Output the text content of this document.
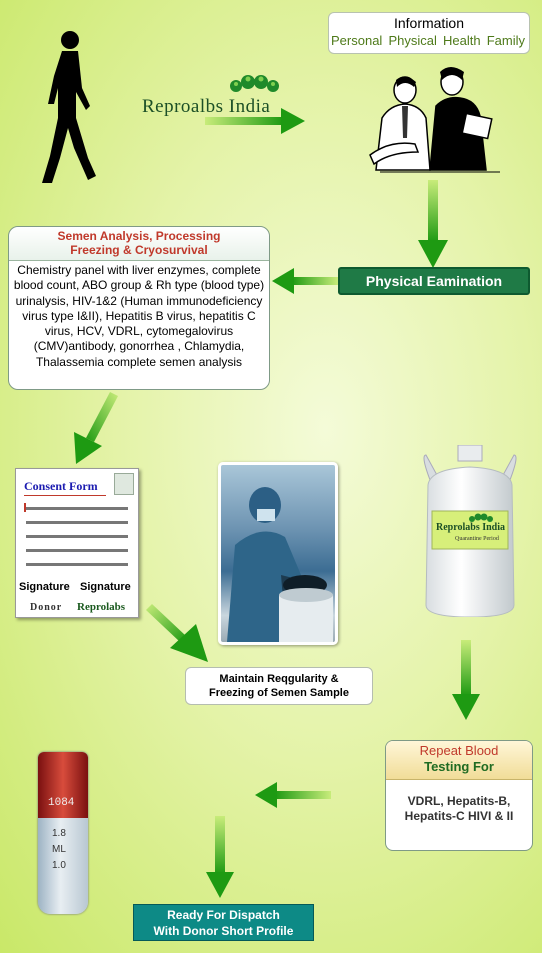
Reproalbs India
Information
Personal Physical Health Family
Physical Eamination
Semen Analysis, Processing
Freezing & Cryosurvival
Chemistry panel with liver enzymes, complete blood count, ABO group & Rh type (blood type) urinalysis, HIV-1&2 (Human immunodeficiency virus type I&II), Hepatitis B virus, hepatitis C virus, HCV, VDRL, cytomegalovirus (CMV)antibody, gonorrhea , Chlamydia, Thalassemia complete semen analysis
Consent Form
Signature Signature
Donor Reprolabs
Reprolabs India
Quarantine Period
Maintain Reqgularity &
Freezing of Semen Sample
Repeat Blood
Testing For
VDRL, Hepatits-B,
Hepatits-C HIVI & II
1084
1.8
ML
1.0
Ready For Dispatch
With Donor Short Profile
